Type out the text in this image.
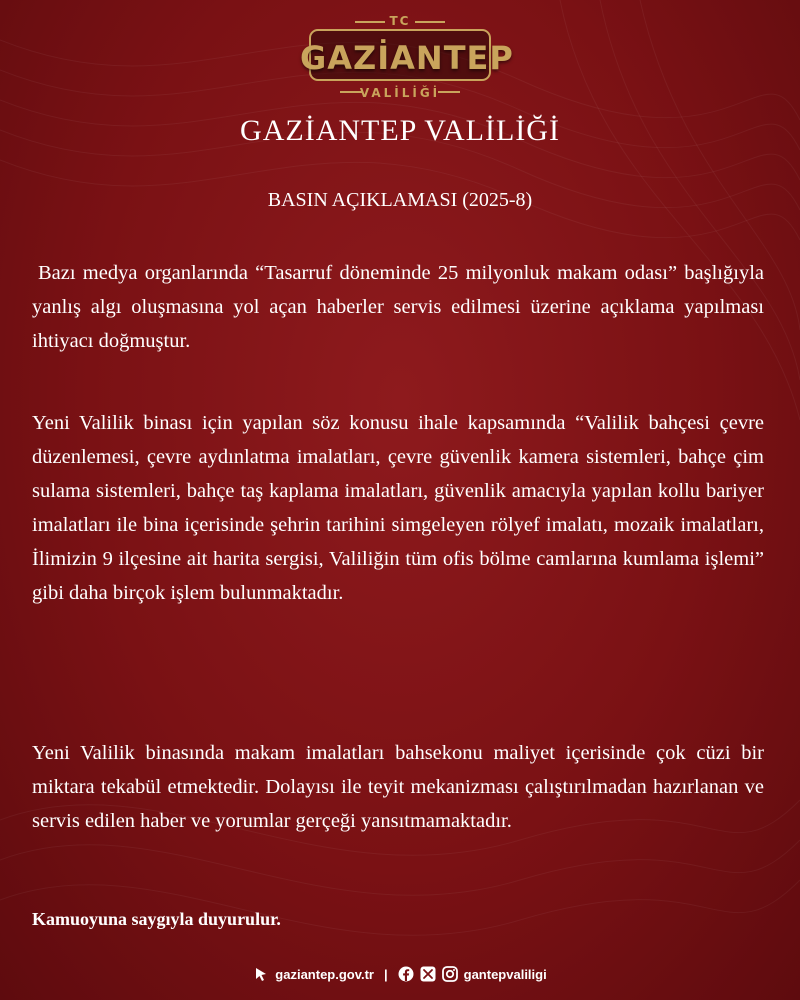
TC
GAZİANTEP
VALİLİĞİ
GAZİANTEP VALİLİĞİ
BASIN AÇIKLAMASI (2025-8)
Bazı medya organlarında “Tasarruf döneminde 25 milyonluk makam odası” başlığıyla yanlış algı oluşmasına yol açan haberler servis edilmesi üzerine açıklama yapılması ihtiyacı doğmuştur.
Yeni Valilik binası için yapılan söz konusu ihale kapsamında “Valilik bahçesi çevre düzenlemesi, çevre aydınlatma imalatları, çevre güvenlik kamera sistemleri, bahçe çim sulama sistemleri, bahçe taş kaplama imalatları, güvenlik amacıyla yapılan kollu bariyer imalatları ile bina içerisinde şehrin tarihini simgeleyen rölyef imalatı, mozaik imalatları, İlimizin 9 ilçesine ait harita sergisi, Valiliğin tüm ofis bölme camlarına kumlama işlemi” gibi daha birçok işlem bulunmaktadır.
Yeni Valilik binasında makam imalatları bahsekonu maliyet içerisinde çok cüzi bir miktara tekabül etmektedir. Dolayısı ile teyit mekanizması çalıştırılmadan hazırlanan ve servis edilen haber ve yorumlar gerçeği yansıtmamaktadır.
Kamuoyuna saygıyla duyurulur.
gaziantep.gov.tr |	gantepvaliligi
